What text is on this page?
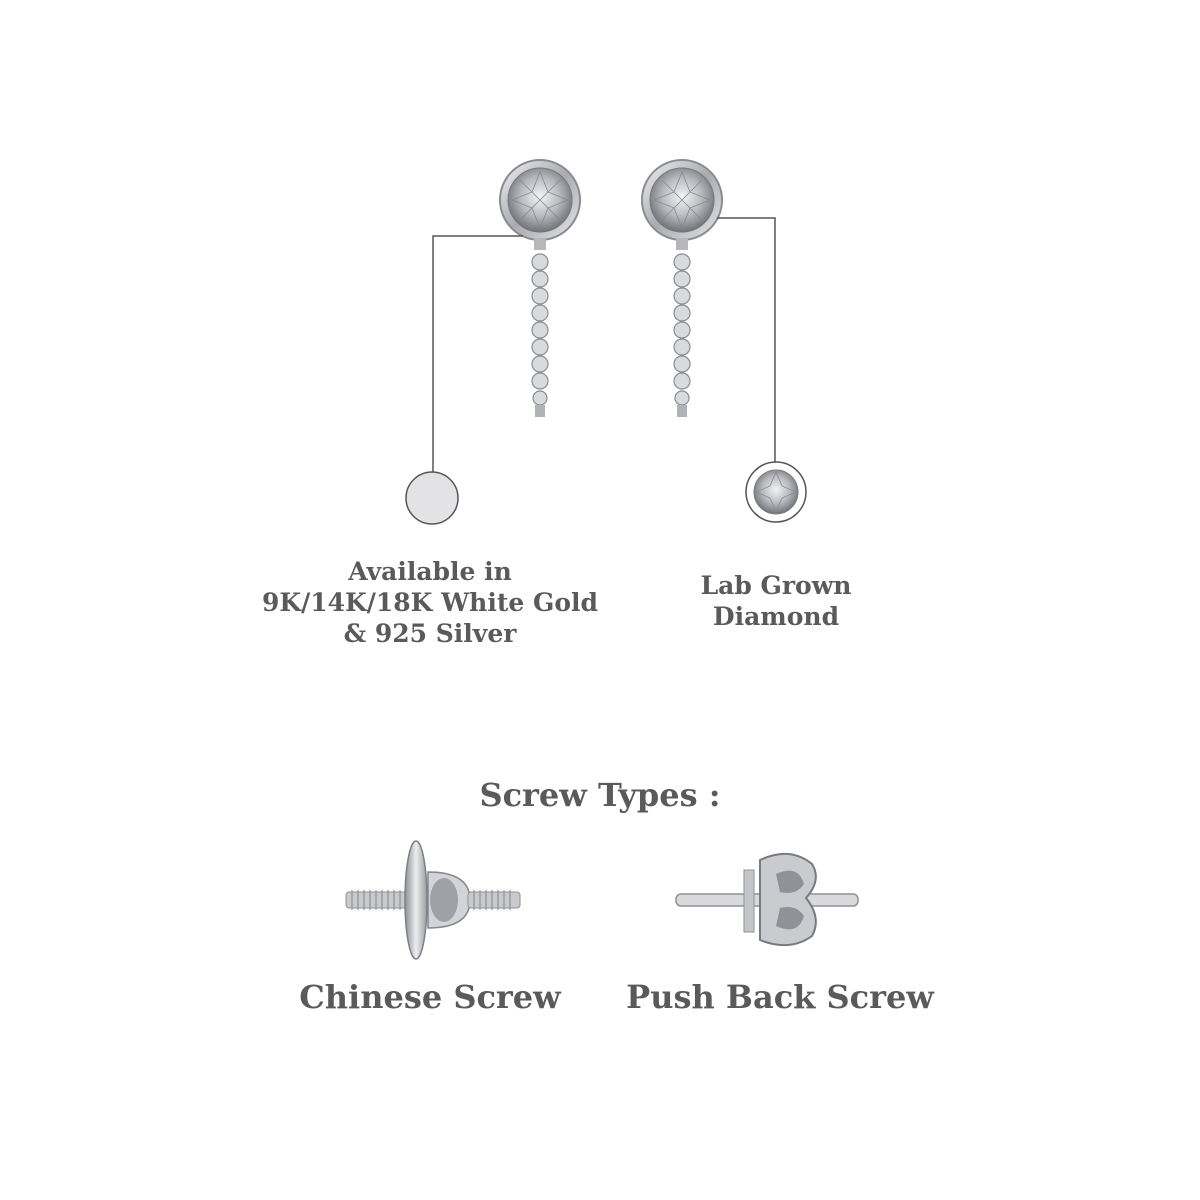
Available in
9K/14K/18K White Gold
& 925 Silver
Lab Grown
Diamond
Screw Types :
Chinese Screw	Push Back Screw
